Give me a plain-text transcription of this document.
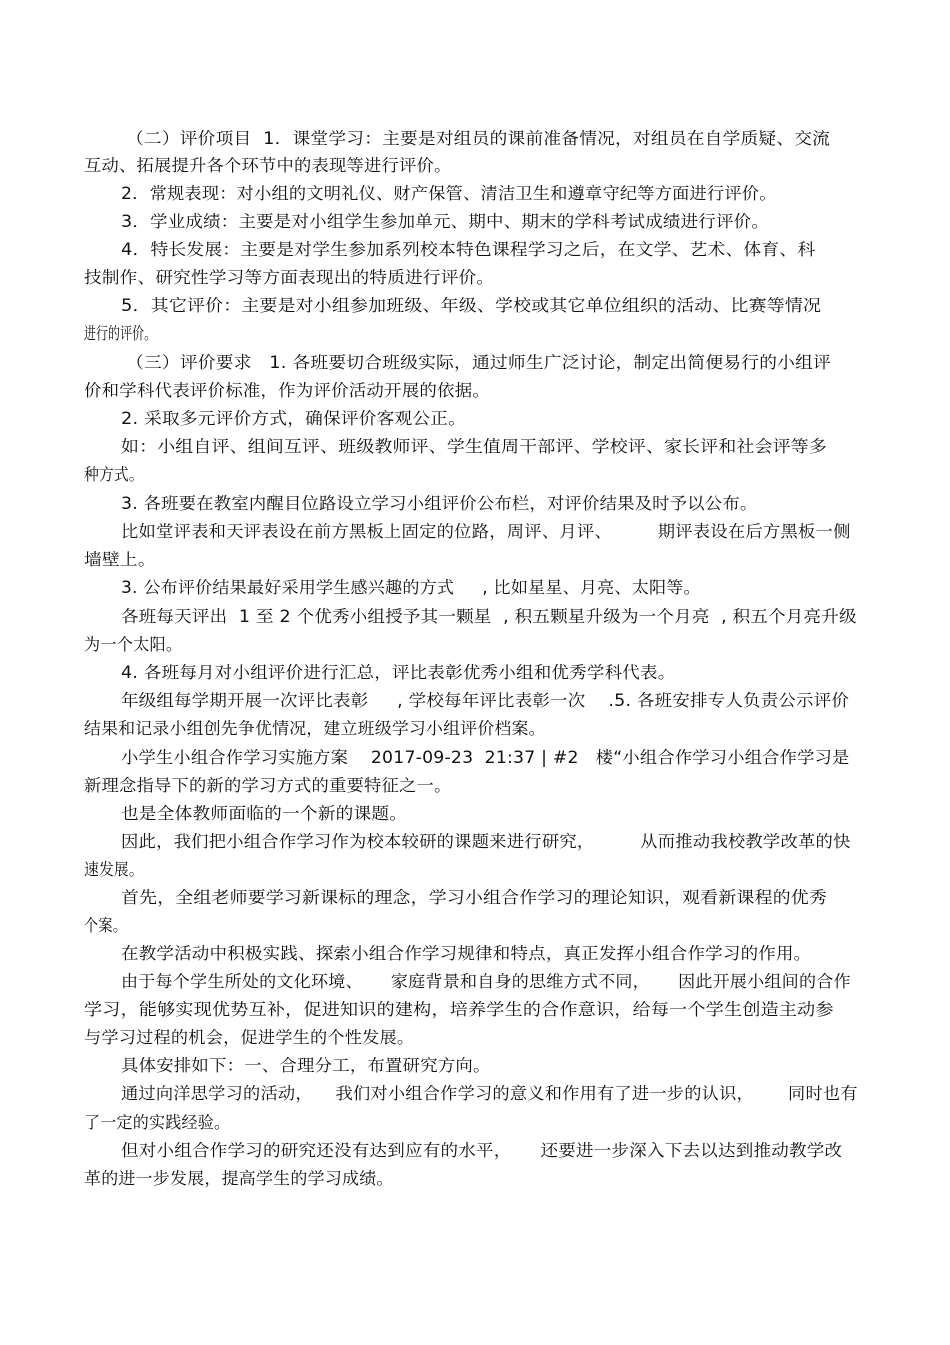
（二）评价项目  1．课堂学习：主要是对组员的课前准备情况，对组员在自学质疑、交流
互动、拓展提升各个环节中的表现等进行评价。
2．常规表现：对小组的文明礼仪、财产保管、清洁卫生和遵章守纪等方面进行评价。
3．学业成绩：主要是对小组学生参加单元、期中、期末的学科考试成绩进行评价。
4．特长发展：主要是对学生参加系列校本特色课程学习之后，在文学、艺术、体育、科
技制作、研究性学习等方面表现出的特质进行评价。
5．其它评价：主要是对小组参加班级、年级、学校或其它单位组织的活动、比赛等情况
进行的评价。
（三）评价要求   1. 各班要切合班级实际，通过师生广泛讨论，制定出简便易行的小组评
价和学科代表评价标准，作为评价活动开展的依据。
2. 采取多元评价方式，确保评价客观公正。
如：小组自评、组间互评、班级教师评、学生值周干部评、学校评、家长评和社会评等多
种方式。
3. 各班要在教室内醒目位路设立学习小组评价公布栏，对评价结果及时予以公布。
比如堂评表和天评表设在前方黑板上固定的位路，周评、月评、        期评表设在后方黑板一侧
墙壁上。
3. 公布评价结果最好采用学生感兴趣的方式     , 比如星星、月亮、太阳等。
各班每天评出  1 至 2 个优秀小组授予其一颗星  , 积五颗星升级为一个月亮  , 积五个月亮升级
为一个太阳。
4. 各班每月对小组评价进行汇总，评比表彰优秀小组和优秀学科代表。
年级组每学期开展一次评比表彰     , 学校每年评比表彰一次    .5. 各班安排专人负责公示评价
结果和记录小组创先争优情况，建立班级学习小组评价档案。
小学生小组合作学习实施方案    2017-09-23  21:37 | #2   楼“小组合作学习小组合作学习是
新理念指导下的新的学习方式的重要特征之一。
也是全体教师面临的一个新的课题。
因此，我们把小组合作学习作为校本较研的课题来进行研究，        从而推动我校教学改革的快
速发展。
首先，全组老师要学习新课标的理念，学习小组合作学习的理论知识，观看新课程的优秀
个案。
在教学活动中积极实践、探索小组合作学习规律和特点，真正发挥小组合作学习的作用。
由于每个学生所处的文化环境、     家庭背景和自身的思维方式不同，     因此开展小组间的合作
学习，能够实现优势互补，促进知识的建构，培养学生的合作意识，给每一个学生创造主动参
与学习过程的机会，促进学生的个性发展。
具体安排如下：一、合理分工，布置研究方向。
通过向洋思学习的活动，    我们对小组合作学习的意义和作用有了进一步的认识，      同时也有
了一定的实践经验。
但对小组合作学习的研究还没有达到应有的水平，     还要进一步深入下去以达到推动教学改
革的进一步发展，提高学生的学习成绩。
